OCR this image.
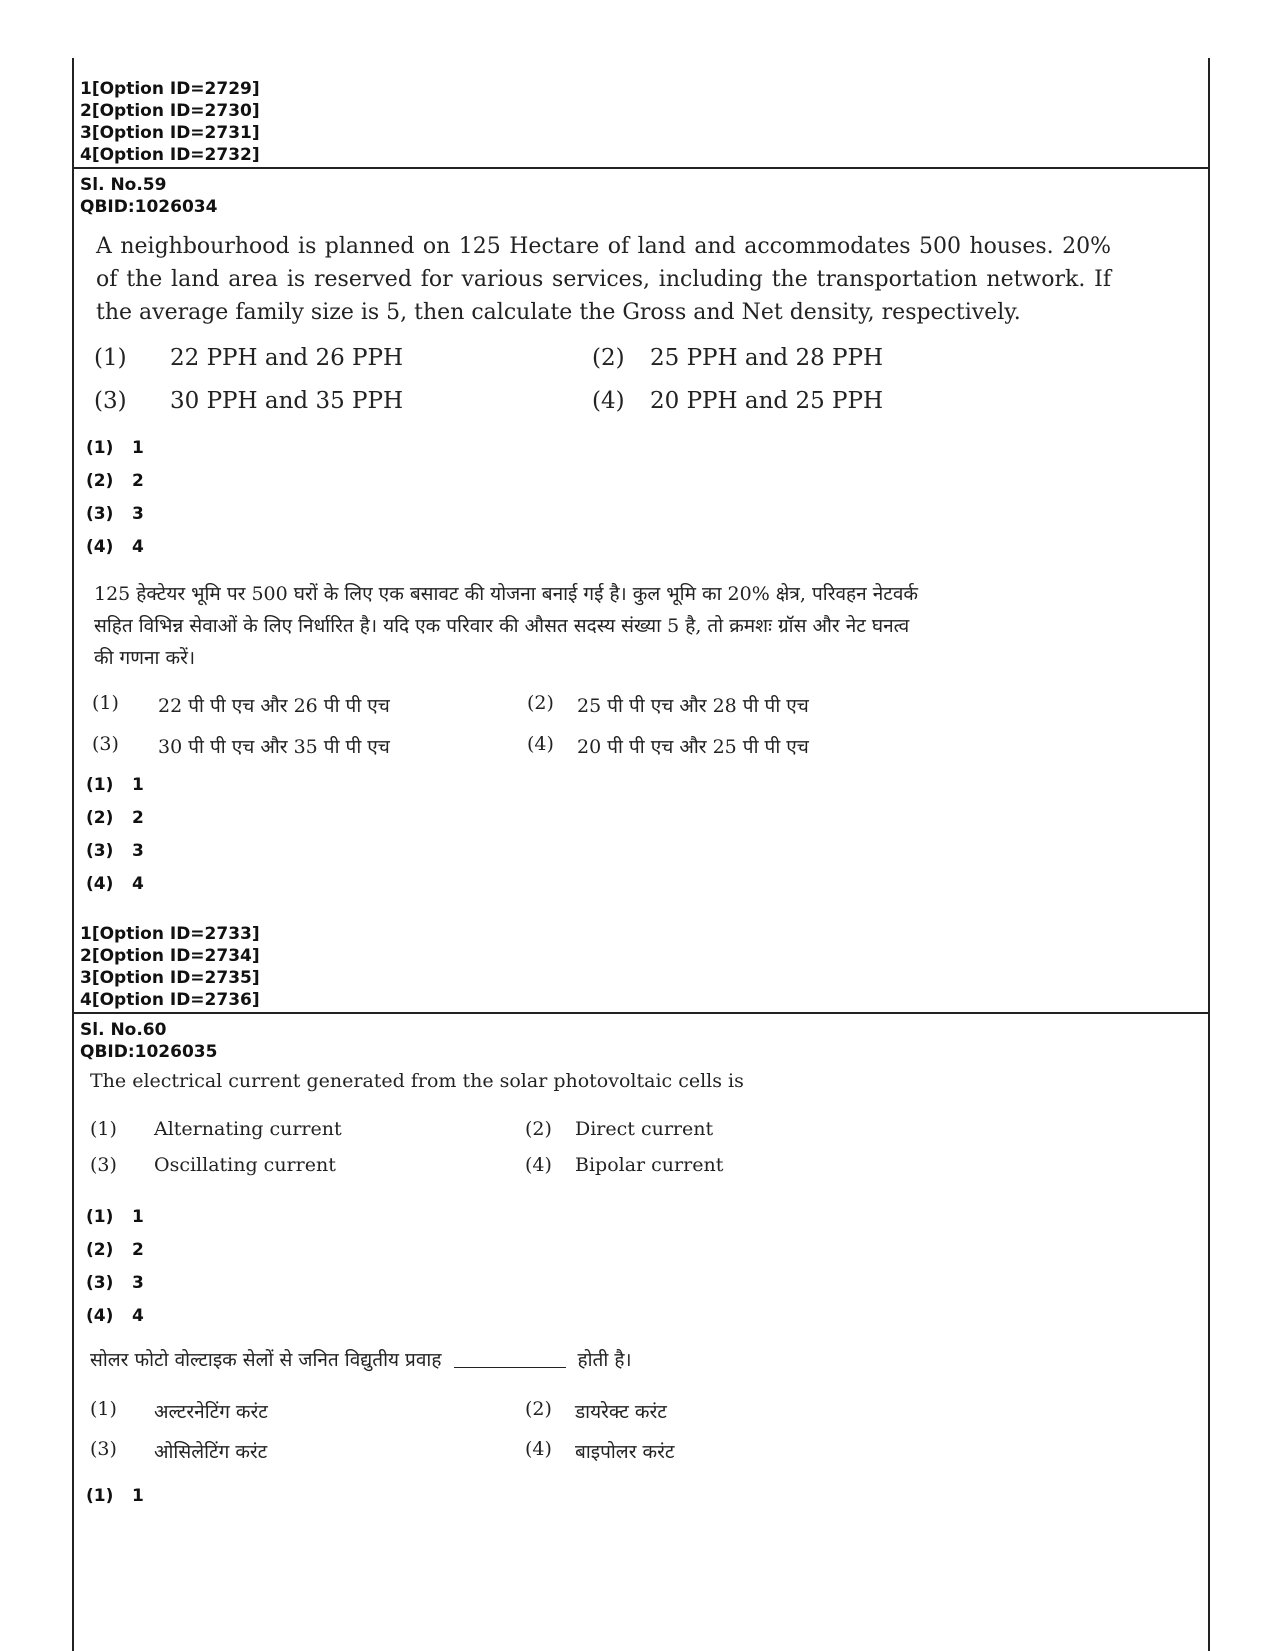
1[Option ID=2729]
2[Option ID=2730]
3[Option ID=2731]
4[Option ID=2732]
Sl. No.59
QBID:1026034

A neighbourhood is planned on 125 Hectare of land and accommodates 500 houses. 20% of the land area is reserved for various services, including the transportation network. If the average family size is 5, then calculate the Gross and Net density, respectively.

(1) 22 PPH and 26 PPH	(2) 25 PPH and 28 PPH
(3) 30 PPH and 35 PPH	(4) 20 PPH and 25 PPH
(1) 1
(2) 2
(3) 3
(4) 4
125 हेक्टेयर भूमि पर 500 घरों के लिए एक बसावट की योजना बनाई गई है। कुल भूमि का 20% क्षेत्र, परिवहन नेटवर्क
सहित विभिन्न सेवाओं के लिए निर्धारित है। यदि एक परिवार की औसत सदस्य संख्या 5 है, तो क्रमशः ग्रॉस और नेट घनत्व
की गणना करें।
(1) 22 पी पी एच और 26 पी पी एच	(2) 25 पी पी एच और 28 पी पी एच
(3) 30 पी पी एच और 35 पी पी एच	(4) 20 पी पी एच और 25 पी पी एच
(1) 1
(2) 2
(3) 3
(4) 4
1[Option ID=2733]
2[Option ID=2734]
3[Option ID=2735]
4[Option ID=2736]
Sl. No.60
QBID:1026035

The electrical current generated from the solar photovoltaic cells is

(1) Alternating current	(2) Direct current
(3) Oscillating current	(4) Bipolar current
(1) 1
(2) 2
(3) 3
(4) 4
सोलर फोटो वोल्टाइक सेलों से जनित विद्युतीय प्रवाह	होती है।
(1) अल्टरनेटिंग करंट	(2) डायरेक्ट करंट
(3) ओसिलेटिंग करंट	(4) बाइपोलर करंट
(1) 1
